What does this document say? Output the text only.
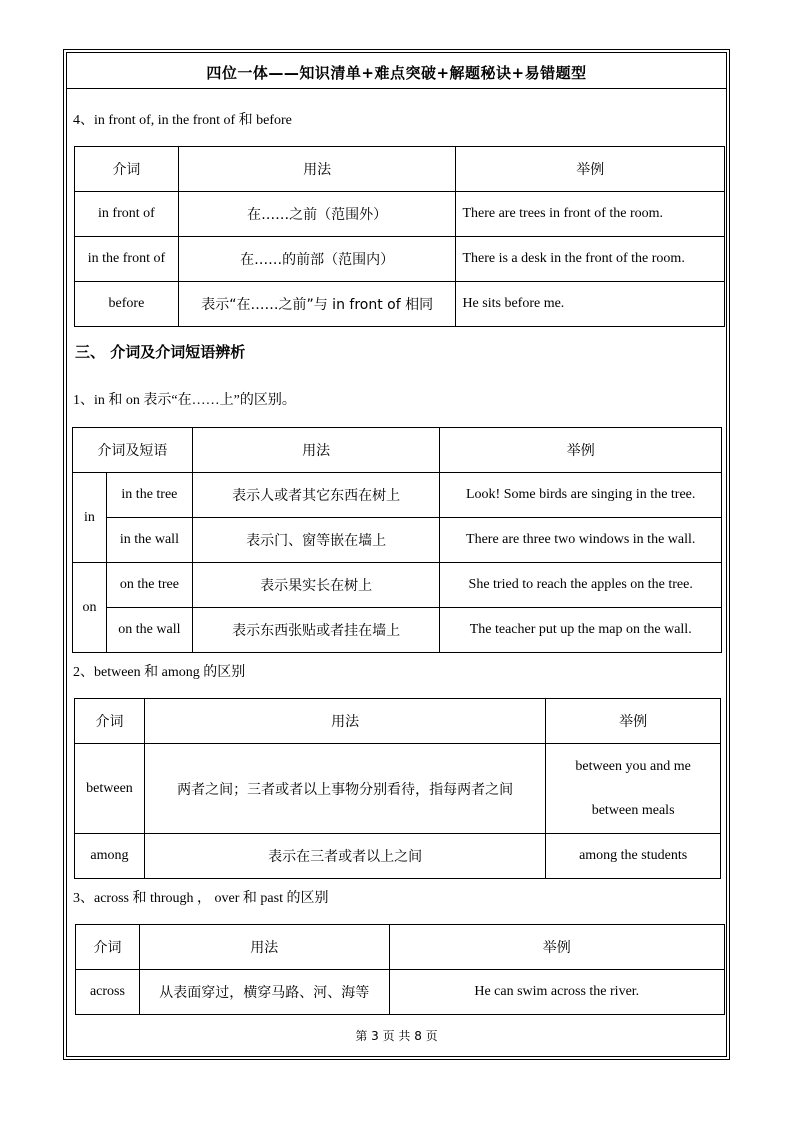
四位一体——知识清单+难点突破+解题秘诀+易错题型
4、in front of, in the front of 和 before
介词	用法	举例
in front of	在……之前（范围外）	There are trees in front of the room.
in the front of	在……的前部（范围内）	There is a desk in the front of the room.
before	表示“在……之前”与 in front of 相同	He sits before me.
三、 介词及介词短语辨析
1、in 和 on 表示“在……上”的区别。
介词及短语		用法	举例
in	in the tree	表示人或者其它东西在树上	Look! Some birds are singing in the tree.
	in the wall	表示门、窗等嵌在墙上	There are three two windows in the wall.
on	on the tree	表示果实长在树上	She tried to reach the apples on the tree.
	on the wall	表示东西张贴或者挂在墙上	The teacher put up the map on the wall.
2、between 和 among 的区别
介词	用法	举例
between	两者之间；三者或者以上事物分别看待，指每两者之间	between you and me
between meals

among	表示在三者或者以上之间	among the students
3、across 和 through ， over 和 past 的区别
介词	用法	举例
across	从表面穿过，横穿马路、河、海等	He can swim across the river.
第 3 页 共 8 页
